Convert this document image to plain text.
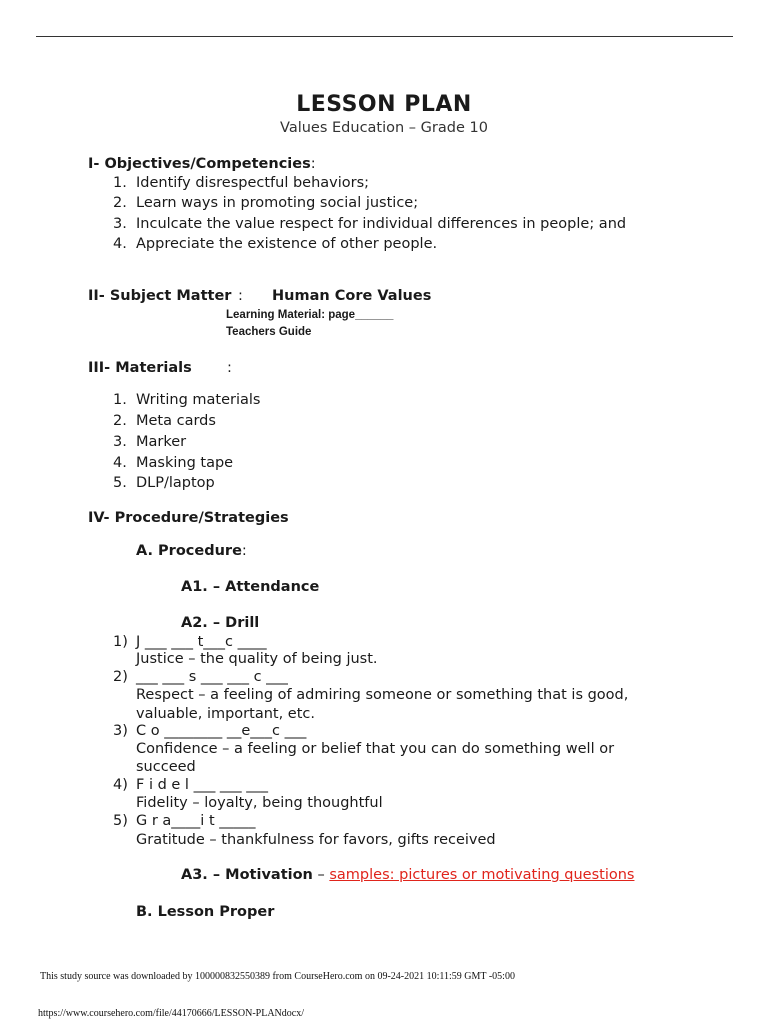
LESSON PLAN
Values Education – Grade 10
I- Objectives/Competencies:
1. Identify disrespectful behaviors;
2. Learn ways in promoting social justice;
3. Inculcate the value respect for individual differences in people; and
4. Appreciate the existence of other people.
II- Subject Matter : Human Core Values
Learning Material: page______
Teachers Guide
III- Materials :
1. Writing materials
2. Meta cards
3. Marker
4. Masking tape
5. DLP/laptop
IV- Procedure/Strategies
A. Procedure:
A1. – Attendance
A2. – Drill
1) J ___ ___ t___c ____
Justice – the quality of being just.
2) ___ ___ s ___ ___ c ___
Respect – a feeling of admiring someone or something that is good,
valuable, important, etc.
3) C o ________ __e___c ___
Confidence – a feeling or belief that you can do something well or
succeed
4) F i d e l ___ ___ ___
Fidelity – loyalty, being thoughtful
5) G r a____i t _____
Gratitude – thankfulness for favors, gifts received
A3. – Motivation – samples: pictures or motivating questions
B. Lesson Proper
This study source was downloaded by 100000832550389 from CourseHero.com on 09-24-2021 10:11:59 GMT -05:00
https://www.coursehero.com/file/44170666/LESSON-PLANdocx/
